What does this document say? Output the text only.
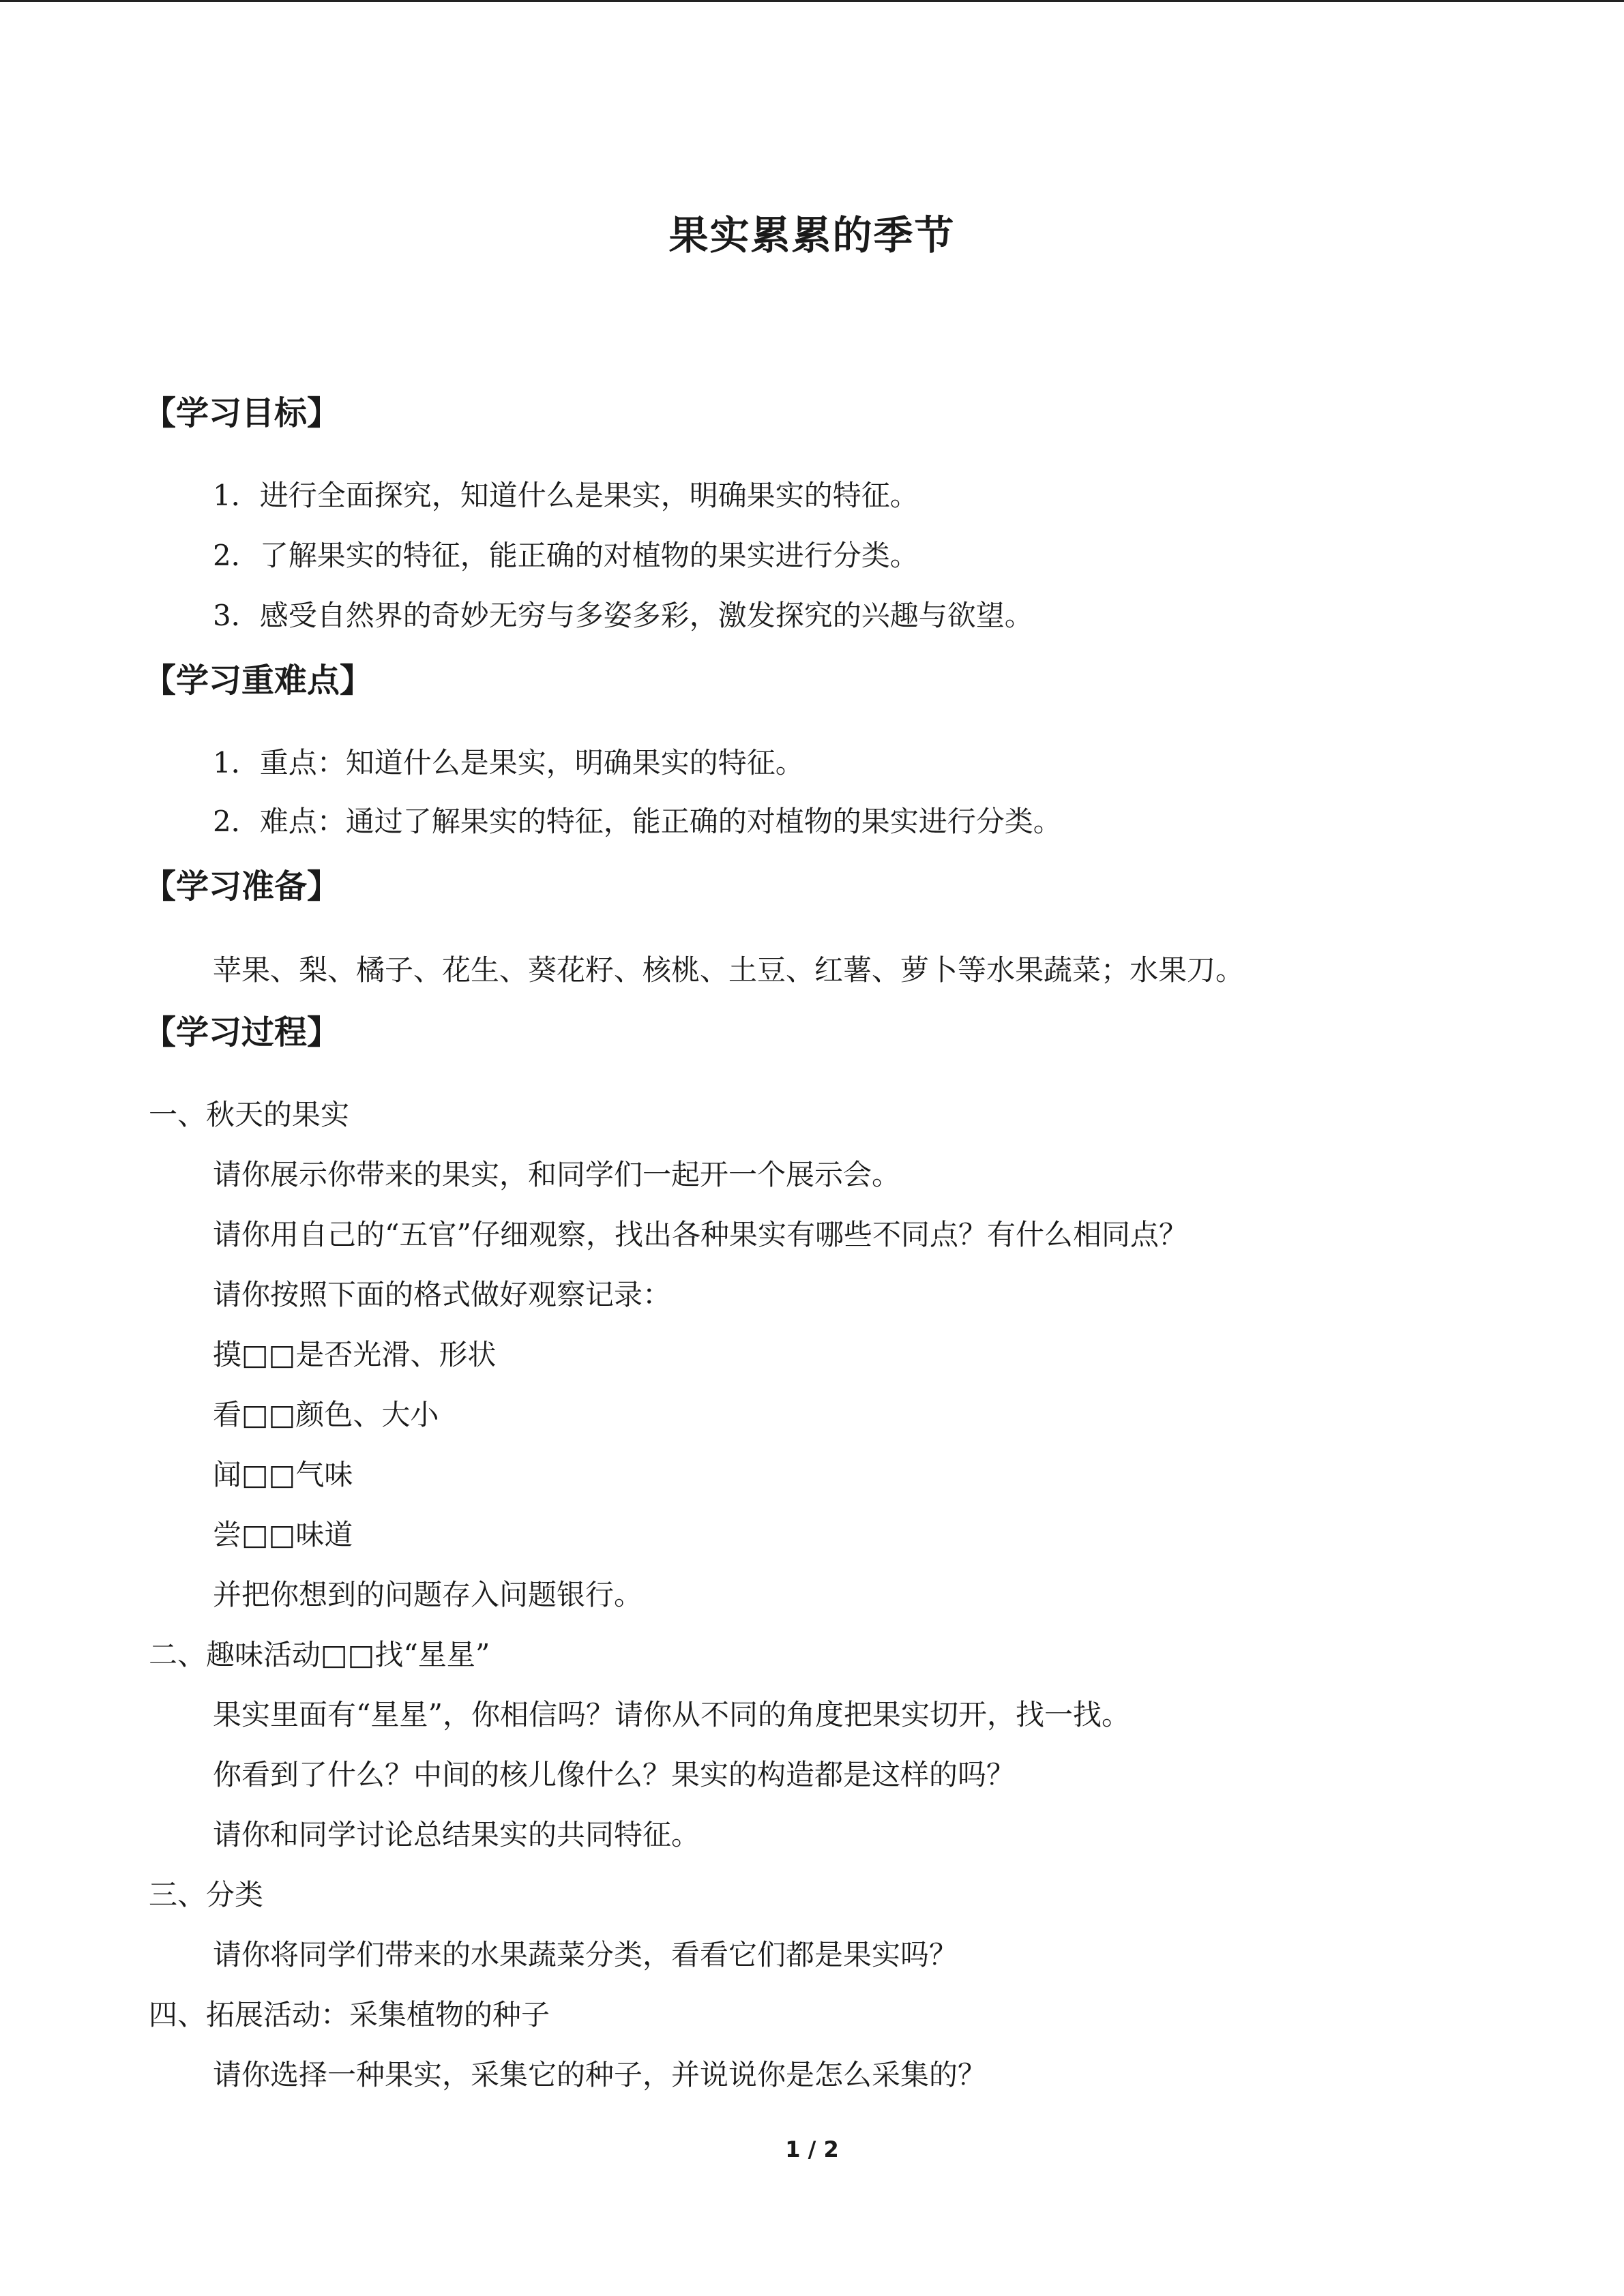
果实累累的季节
【学习目标】
1．进行全面探究，知道什么是果实，明确果实的特征。
2．了解果实的特征，能正确的对植物的果实进行分类。
3．感受自然界的奇妙无穷与多姿多彩，激发探究的兴趣与欲望。
【学习重难点】
1．重点：知道什么是果实，明确果实的特征。
2．难点：通过了解果实的特征，能正确的对植物的果实进行分类。
【学习准备】
苹果、梨、橘子、花生、葵花籽、核桃、土豆、红薯、萝卜等水果蔬菜；水果刀。
【学习过程】
一、秋天的果实
请你展示你带来的果实，和同学们一起开一个展示会。
请你用自己的“五官”仔细观察，找出各种果实有哪些不同点？有什么相同点？
请你按照下面的格式做好观察记录：
摸□□是否光滑、形状
看□□颜色、大小
闻□□气味
尝□□味道
并把你想到的问题存入问题银行。
二、趣味活动□□找“星星”
果实里面有“星星”，你相信吗？请你从不同的角度把果实切开，找一找。
你看到了什么？中间的核儿像什么？果实的构造都是这样的吗？
请你和同学讨论总结果实的共同特征。
三、分类
请你将同学们带来的水果蔬菜分类，看看它们都是果实吗？
四、拓展活动：采集植物的种子
请你选择一种果实，采集它的种子，并说说你是怎么采集的？
1 / 2
